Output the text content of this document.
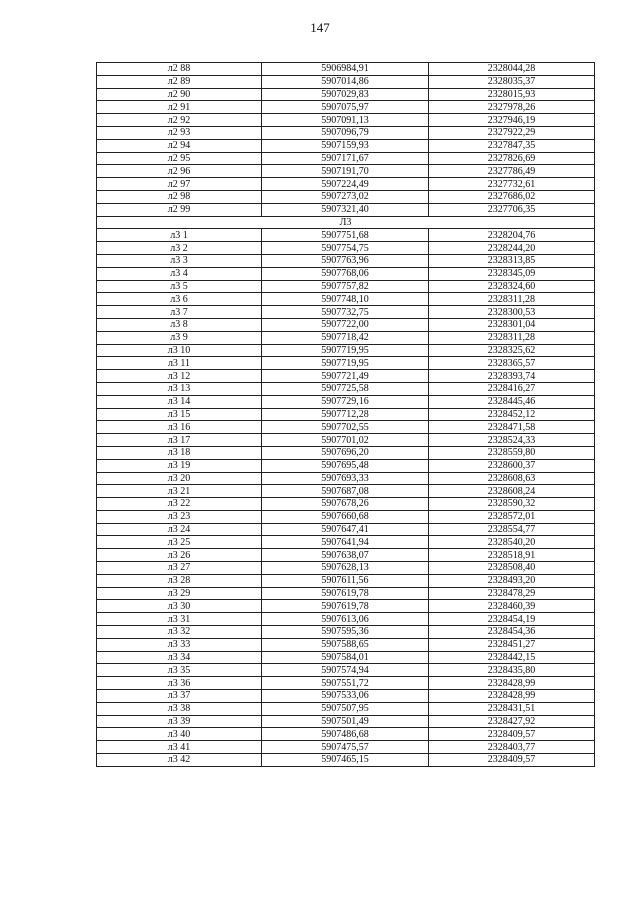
147
л2 88	5906984,91	2328044,28
л2 89	5907014,86	2328035,37
л2 90	5907029,83	2328015,93
л2 91	5907075,97	2327978,26
л2 92	5907091,13	2327946,19
л2 93	5907096,79	2327922,29
л2 94	5907159,93	2327847,35
л2 95	5907171,67	2327826,69
л2 96	5907191,70	2327786,49
л2 97	5907224,49	2327732,61
л2 98	5907273,02	2327686,02
л2 99	5907321,40	2327706,35
Л3		
л3 1	5907751,68	2328204,76
л3 2	5907754,75	2328244,20
л3 3	5907763,96	2328313,85
л3 4	5907768,06	2328345,09
л3 5	5907757,82	2328324,60
л3 6	5907748,10	2328311,28
л3 7	5907732,75	2328300,53
л3 8	5907722,00	2328301,04
л3 9	5907718,42	2328311,28
л3 10	5907719,95	2328325,62
л3 11	5907719,95	2328365,57
л3 12	5907721,49	2328393,74
л3 13	5907725,58	2328416,27
л3 14	5907729,16	2328445,46
л3 15	5907712,28	2328452,12
л3 16	5907702,55	2328471,58
л3 17	5907701,02	2328524,33
л3 18	5907696,20	2328559,80
л3 19	5907695,48	2328600,37
л3 20	5907693,33	2328608,63
л3 21	5907687,08	2328608,24
л3 22	5907678,26	2328590,32
л3 23	5907660,68	2328572,01
л3 24	5907647,41	2328554,77
л3 25	5907641,94	2328540,20
л3 26	5907638,07	2328518,91
л3 27	5907628,13	2328508,40
л3 28	5907611,56	2328493,20
л3 29	5907619,78	2328478,29
л3 30	5907619,78	2328460,39
л3 31	5907613,06	2328454,19
л3 32	5907595,36	2328454,36
л3 33	5907588,65	2328451,27
л3 34	5907584,01	2328442,15
л3 35	5907574,94	2328435,80
л3 36	5907551,72	2328428,99
л3 37	5907533,06	2328428,99
л3 38	5907507,95	2328431,51
л3 39	5907501,49	2328427,92
л3 40	5907486,68	2328409,57
л3 41	5907475,57	2328403,77
л3 42	5907465,15	2328409,57
